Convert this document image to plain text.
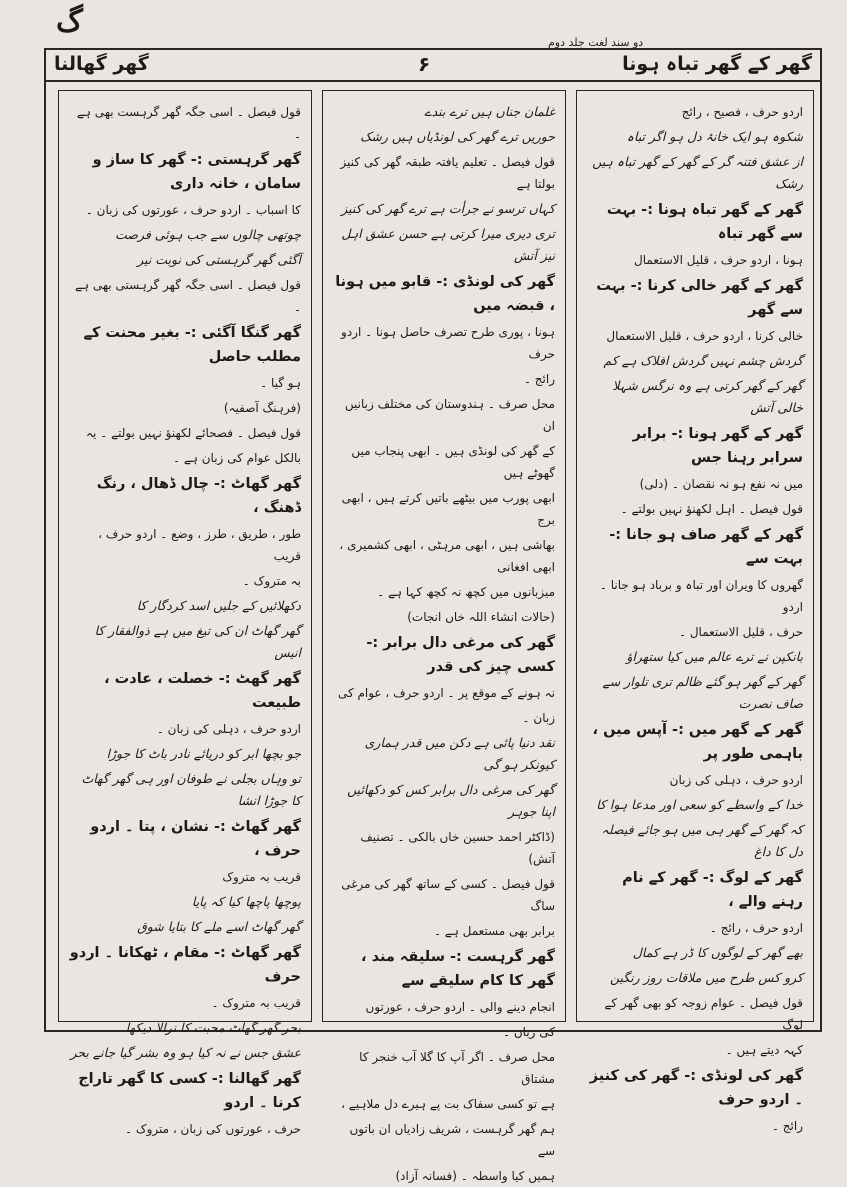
گ
دو سند لغت جلد دوم
گھر کے گھر تباہ ہونا
۶
گھر گھالنا

اردو حرف ، فصیح ، رائج

شکوہ ہو ایک خانۂ دل ہو اگر تباہ

از عشق فتنہ گر کے گھر کے گھر تباہ ہیں رشک

گھر کے گھر تباہ ہونا :- بہت سے گھر تباہ

ہونا ، اردو حرف ، قلیل الاستعمال

گھر کے گھر خالی کرنا :- بہت سے گھر

خالی کرنا ، اردو حرف ، قلیل الاستعمال

گردش چشم نہیں گردش افلاک ہے کم

گھر کے گھر کرتی ہے وہ نرگس شہلا خالی آتش

گھر کے گھر ہونا :- برابر سرابر رہنا جس

میں نہ نفع ہو نہ نقصان ۔ (دلی)

قول فیصل ۔ اہل لکھنؤ نہیں بولتے ۔

گھر کے گھر صاف ہو جانا :- بہت سے

گھروں کا ویران اور تباہ و برباد ہو جانا ۔ اردو

حرف ، قلیل الاستعمال ۔

بانکپن نے ترے عالم میں کیا ستھراؤ

گھر کے گھر ہو گئے ظالم تری تلوار سے صاف نصرت

گھر کے گھر میں :- آپس میں ، باہمی طور پر

اردو حرف ، دہلی کی زبان

خدا کے واسطے کو سعی اور مدعا ہوا کا

کہ گھر کے گھر ہی میں ہو جائے فیصلہ دل کا داغ

گھر کے لوگ :- گھر کے نام رہنے والے ،

اردو حرف ، رائج ۔

بھے گھر کے لوگوں کا ڈر ہے کمال

کرو کس طرح میں ملاقات روز رنگین

قول فیصل ۔ عوام زوجہ کو بھی گھر کے لوگ

کہہ دیتے ہیں ۔

گھر کی لونڈی :- گھر کی کنیز ۔ اردو حرف

رائج ۔

غلمان جناں ہیں ترے بندے

حوریں ترے گھر کی لونڈیاں ہیں رشک

قول فیصل ۔ تعلیم یافتہ طبقہ گھر کی کنیز بولتا ہے

کہاں ترسو نے جرأت ہے ترے گھر کی کنیز

تری دیری میرا کرتی ہے حسن عشق اہل نیز آتش

گھر کی لونڈی :- قابو میں ہونا ، قبضہ میں

ہونا ، پوری طرح تصرف حاصل ہونا ۔ اردو حرف

رائج ۔

محل صرف ۔ ہندوستان کی مختلف زبانیں ان

کے گھر کی لونڈی ہیں ۔ ابھی پنجاب میں گھوٹے ہیں

ابھی پورب میں بیٹھے باتیں کرتے ہیں ، ابھی برج

بھاشی ہیں ، ابھی مرہٹی ، ابھی کشمیری ، ابھی افغانی

میزبانوں میں کچھ نہ کچھ کہا ہے ۔

(حالات انشاء اللہ خاں انجات)

گھر کی مرغی دال برابر :- کسی چیز کی قدر

نہ ہونے کے موقع پر ۔ اردو حرف ، عوام کی

زبان ۔

نقد دنیا پائی ہے دکن میں قدر ہماری کیونکر ہو گی

گھر کی مرغی دال برابر کس کو دکھائیں اپنا جوہر

(ڈاکٹر احمد حسین خاں بالکی ۔ تصنیف آتش)

قول فیصل ۔ کسی کے ساتھ گھر کی مرغی ساگ

برابر بھی مستعمل ہے ۔

گھر گرہست :- سلیقہ مند ، گھر کا کام سلیقے سے

انجام دینے والی ۔ اردو حرف ، عورتوں

کی زبان ۔

محل صرف ۔ اگر آپ کا گلا آب خنجر کا مشتاق

ہے تو کسی سفاک بت پے ہیرے دل ملاہیے ،

ہم گھر گرہست ، شریف زادیاں ان باتوں سے

ہمیں کیا واسطہ ۔ (فسانہ آزاد)

قول فیصل ۔ اسی جگہ گھر گرہست بھی ہے ۔

گھر گرہستی :- گھر کا ساز و سامان ، خانہ داری

کا اسباب ۔ اردو حرف ، عورتوں کی زبان ۔

چوتھی چالوں سے جب ہوئی فرصت

آگئی گھر گرہستی کی نوبت نیر

قول فیصل ۔ اسی جگہ گھر گرہستی بھی ہے ۔

گھر گنگا آگئی :- بغیر محنت کے مطلب حاصل

ہو گیا ۔

(فرہنگ آصفیہ)

قول فیصل ۔ فصحائے لکھنؤ نہیں بولتے ۔ یہ

بالکل عوام کی زبان ہے ۔

گھر گھاٹ :- چال ڈھال ، رنگ ڈھنگ ،

طور ، طریق ، طرز ، وضع ۔ اردو حرف ، قریب

بہ متروک ۔

دکھلائیں کے جلیں اسد کردگار کا

گھر گھاٹ ان کی تیغ میں ہے ذوالفقار کا انیس

گھر گھٹ :- خصلت ، عادت ، طبیعت

اردو حرف ، دہلی کی زبان ۔

جو بچھا ابر کو دریائے نادر باٹ کا جوڑا

تو وہاں بجلی نے طوفان اور ہی گھر گھاٹ کا جوڑا انشا

گھر گھاٹ :- نشان ، پتا ۔ اردو حرف ،

قریب بہ متروک

پوچھا پاچھا کیا کہ پایا

گھر گھاٹ اسے ملے کا بتایا شوق

گھر گھاٹ :- مقام ، ٹھکانا ۔ اردو حرف

قریب بہ متروک ۔

بحر گھر گھاٹ محبت کا نرالا دیکھا

عشق جس نے نہ کیا ہو وہ بشر گیا جانے بحر

گھر گھالنا :- کسی کا گھر تاراج کرنا ۔ اردو

حرف ، عورتوں کی زبان ، متروک ۔
